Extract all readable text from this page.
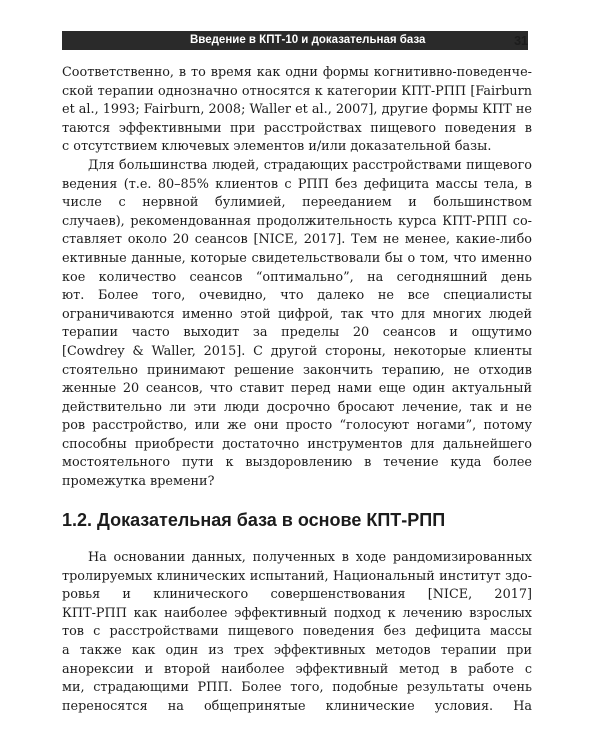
Введение в КПТ-10 и доказательная база	31
Соответственно, в то время как одни формы когнитивно-поведенче-
ской терапии однозначно относятся к категории КПТ-РПП [Fairburn
et al., 1993; Fairburn, 2008; Waller et al., 2007], другие формы КПТ не
таются эффективными при расстройствах пищевого поведения в
с отсутствием ключевых элементов и/или доказательной базы.
Для большинства людей, страдающих расстройствами пищевого
ведения (т.е. 80–85% клиентов с РПП без дефицита массы тела, в
числе с нервной булимией, перееданием и большинством
случаев), рекомендованная продолжительность курса КПТ-РПП со-
ставляет около 20 сеансов [NICE, 2017]. Тем не менее, какие-либо
ективные данные, которые свидетельствовали бы о том, что именно
кое количество сеансов “оптимально”, на сегодняшний день
ют. Более того, очевидно, что далеко не все специалисты
ограничиваются именно этой цифрой, так что для многих людей
терапии часто выходит за пределы 20 сеансов и ощутимо
[Cowdrey & Waller, 2015]. С другой стороны, некоторые клиенты
стоятельно принимают решение закончить терапию, не отходив
женные 20 сеансов, что ставит перед нами еще один актуальный
действительно ли эти люди досрочно бросают лечение, так и не
ров расстройство, или же они просто “голосуют ногами”, потому
способны приобрести достаточно инструментов для дальнейшего
мостоятельного пути к выздоровлению в течение куда более
промежутка времени?
1.2. Доказательная база в основе КПТ-РПП
На основании данных, полученных в ходе рандомизированных
тролируемых клинических испытаний, Национальный институт здо-
ровья и клинического совершенствования [NICE, 2017]
КПТ-РПП как наиболее эффективный подход к лечению взрослых
тов с расстройствами пищевого поведения без дефицита массы
а также как один из трех эффективных методов терапии при
анорексии и второй наиболее эффективный метод в работе с
ми, страдающими РПП. Более того, подобные результаты очень
переносятся на общепринятые клинические условия. На
